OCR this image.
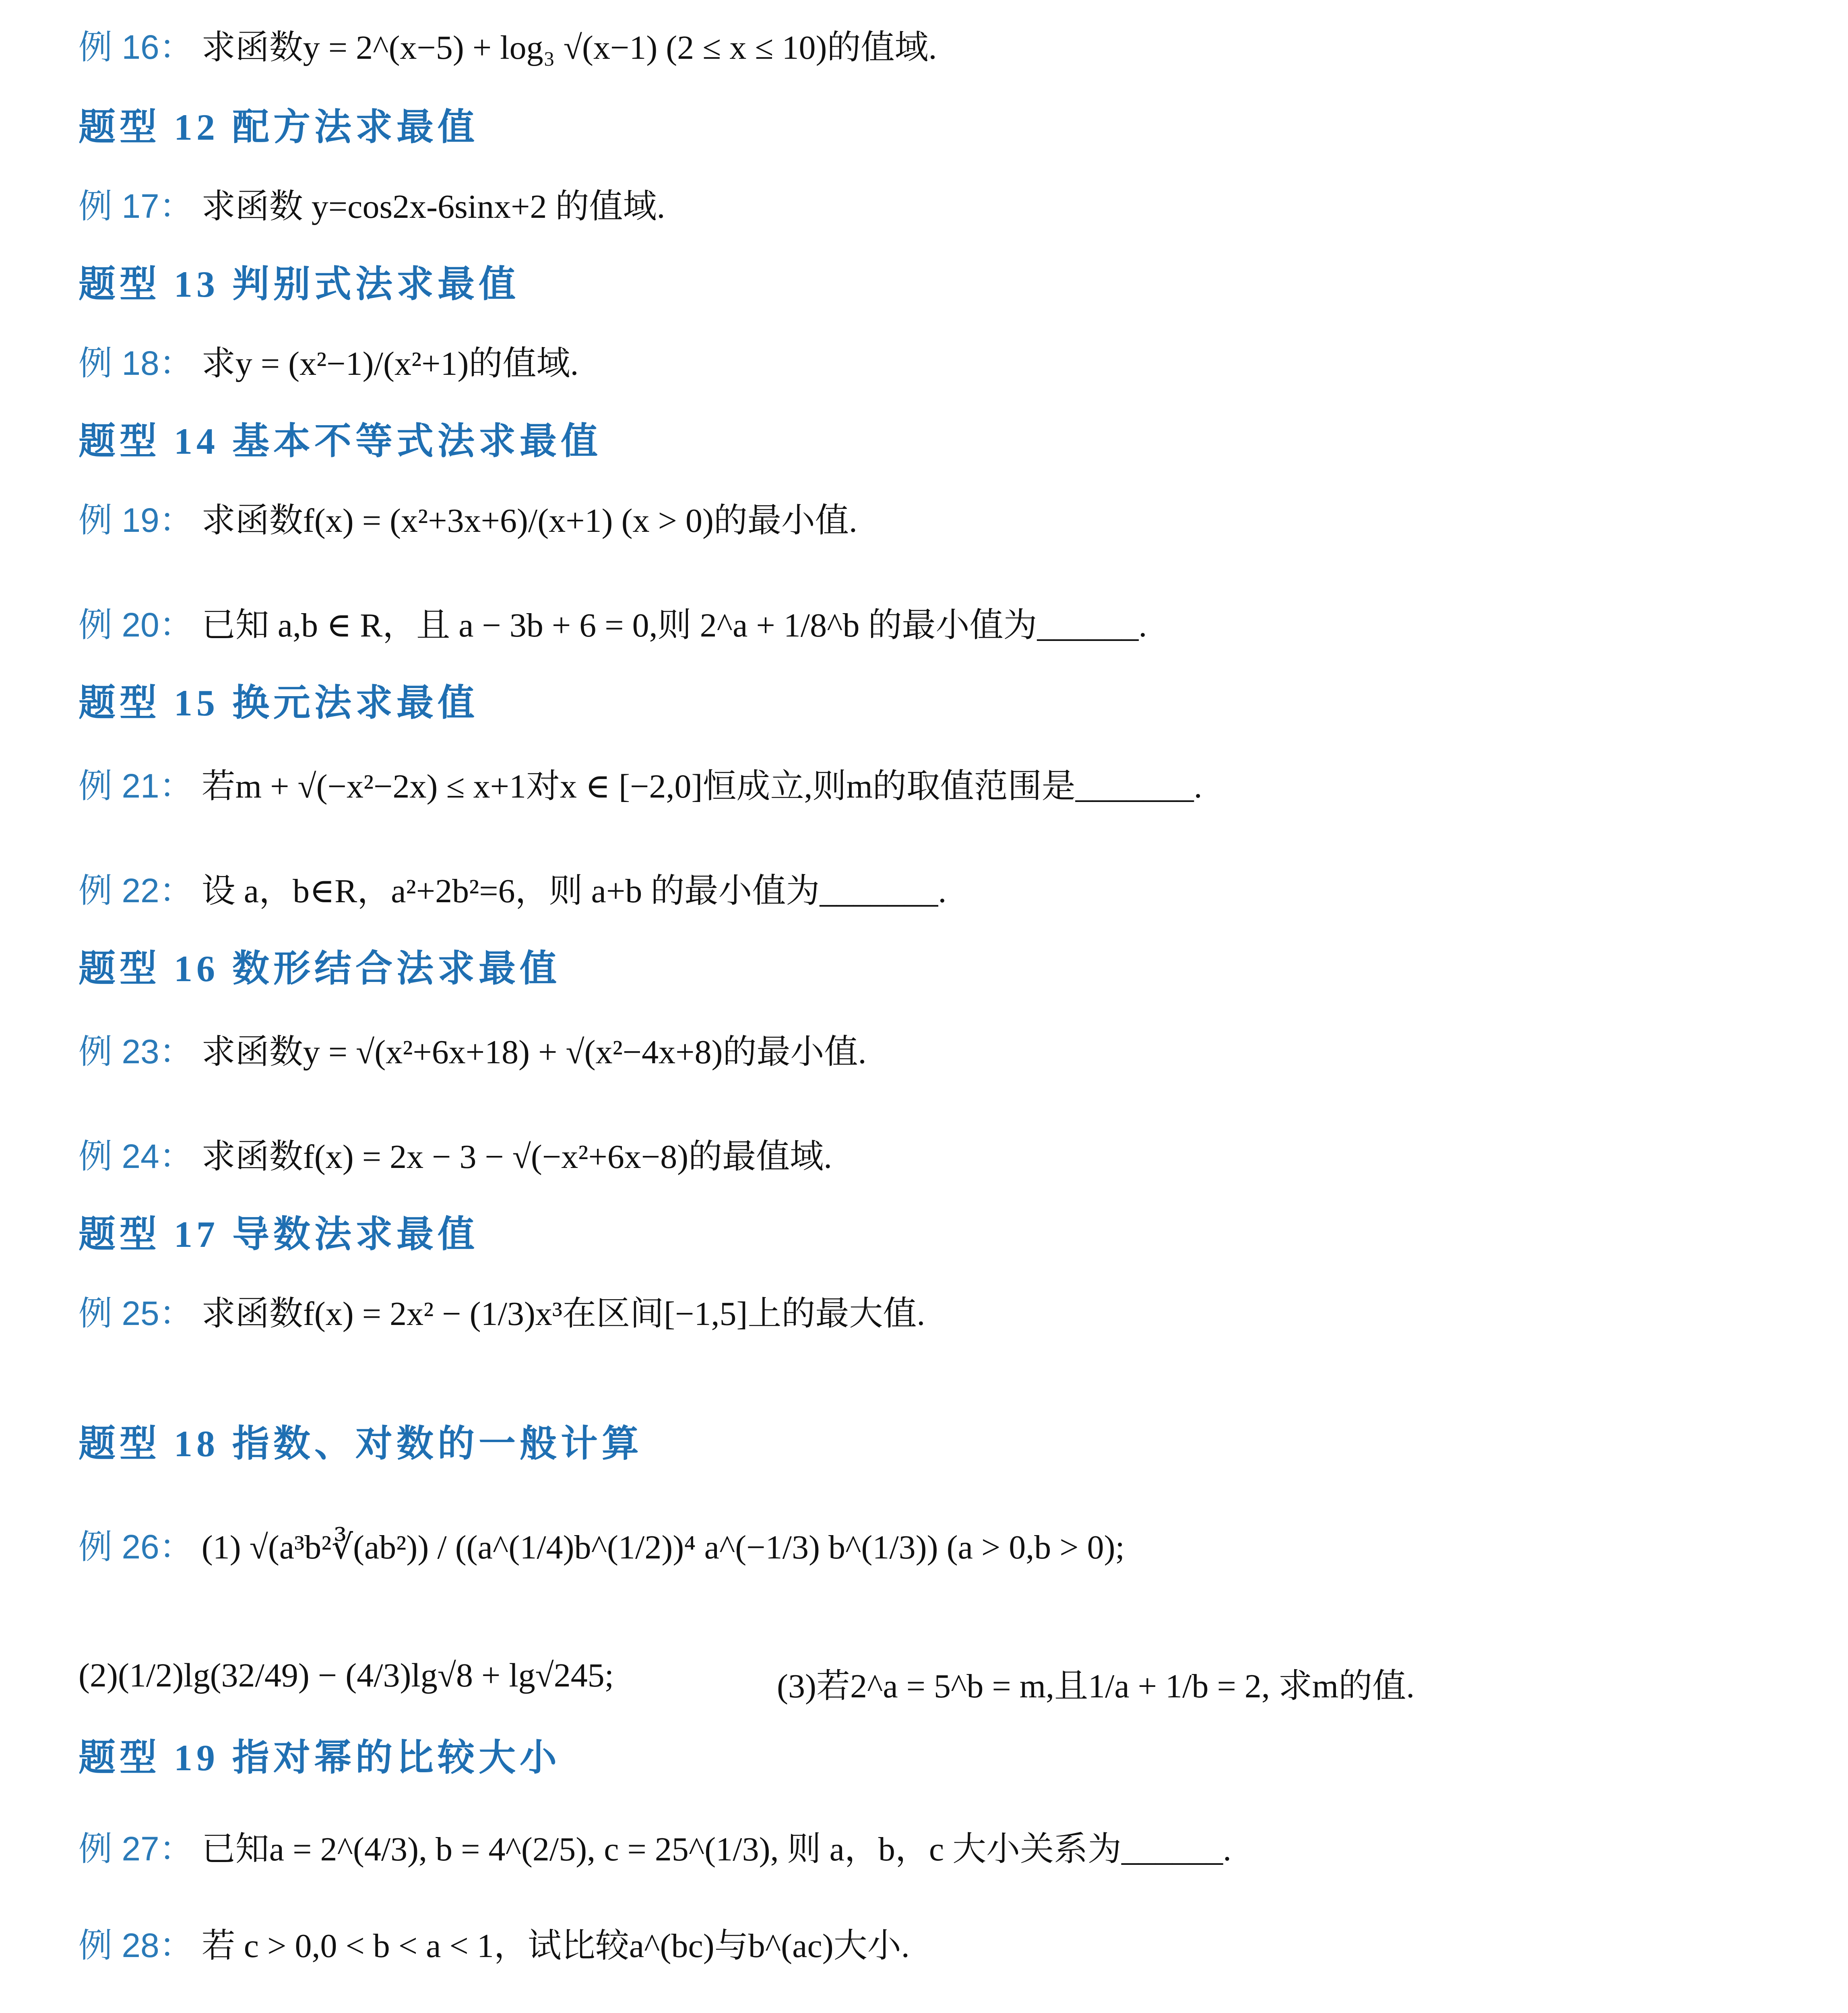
例 16： 求函数y = 2^(x−5) + log₃ √(x−1) (2 ≤ x ≤ 10)的值域.
题型 12 配方法求最值
例 17： 求函数 y=cos2x-6sinx+2 的值域.
题型 13 判别式法求最值
例 18： 求y = (x²−1)/(x²+1)的值域.
题型 14 基本不等式法求最值
例 19： 求函数f(x) = (x²+3x+6)/(x+1) (x > 0)的最小值.
例 20： 已知 a,b ∈ R，且 a − 3b + 6 = 0,则 2^a + 1/8^b 的最小值为______.
题型 15 换元法求最值
例 21： 若m + √(−x²−2x) ≤ x+1对x ∈ [−2,0]恒成立,则m的取值范围是_______.
例 22： 设 a，b∈R，a²+2b²=6，则 a+b 的最小值为_______.
题型 16 数形结合法求最值
例 23： 求函数y = √(x²+6x+18) + √(x²−4x+8)的最小值.
例 24： 求函数f(x) = 2x − 3 − √(−x²+6x−8)的最值域.
题型 17 导数法求最值
例 25： 求函数f(x) = 2x² − (1/3)x³在区间[−1,5]上的最大值.
题型 18 指数、对数的一般计算
例 26： (1) √(a³b²∛(ab²)) / ((a^(1/4)b^(1/2))⁴ a^(−1/3) b^(1/3)) (a > 0,b > 0);
(2)(1/2)lg(32/49) − (4/3)lg√8 + lg√245;	(3)若2^a = 5^b = m,且1/a + 1/b = 2, 求m的值.
题型 19 指对幂的比较大小
例 27： 已知a = 2^(4/3), b = 4^(2/5), c = 25^(1/3), 则 a，b，c 大小关系为______.
例 28： 若 c > 0,0 < b < a < 1，试比较a^(bc)与b^(ac)大小.
